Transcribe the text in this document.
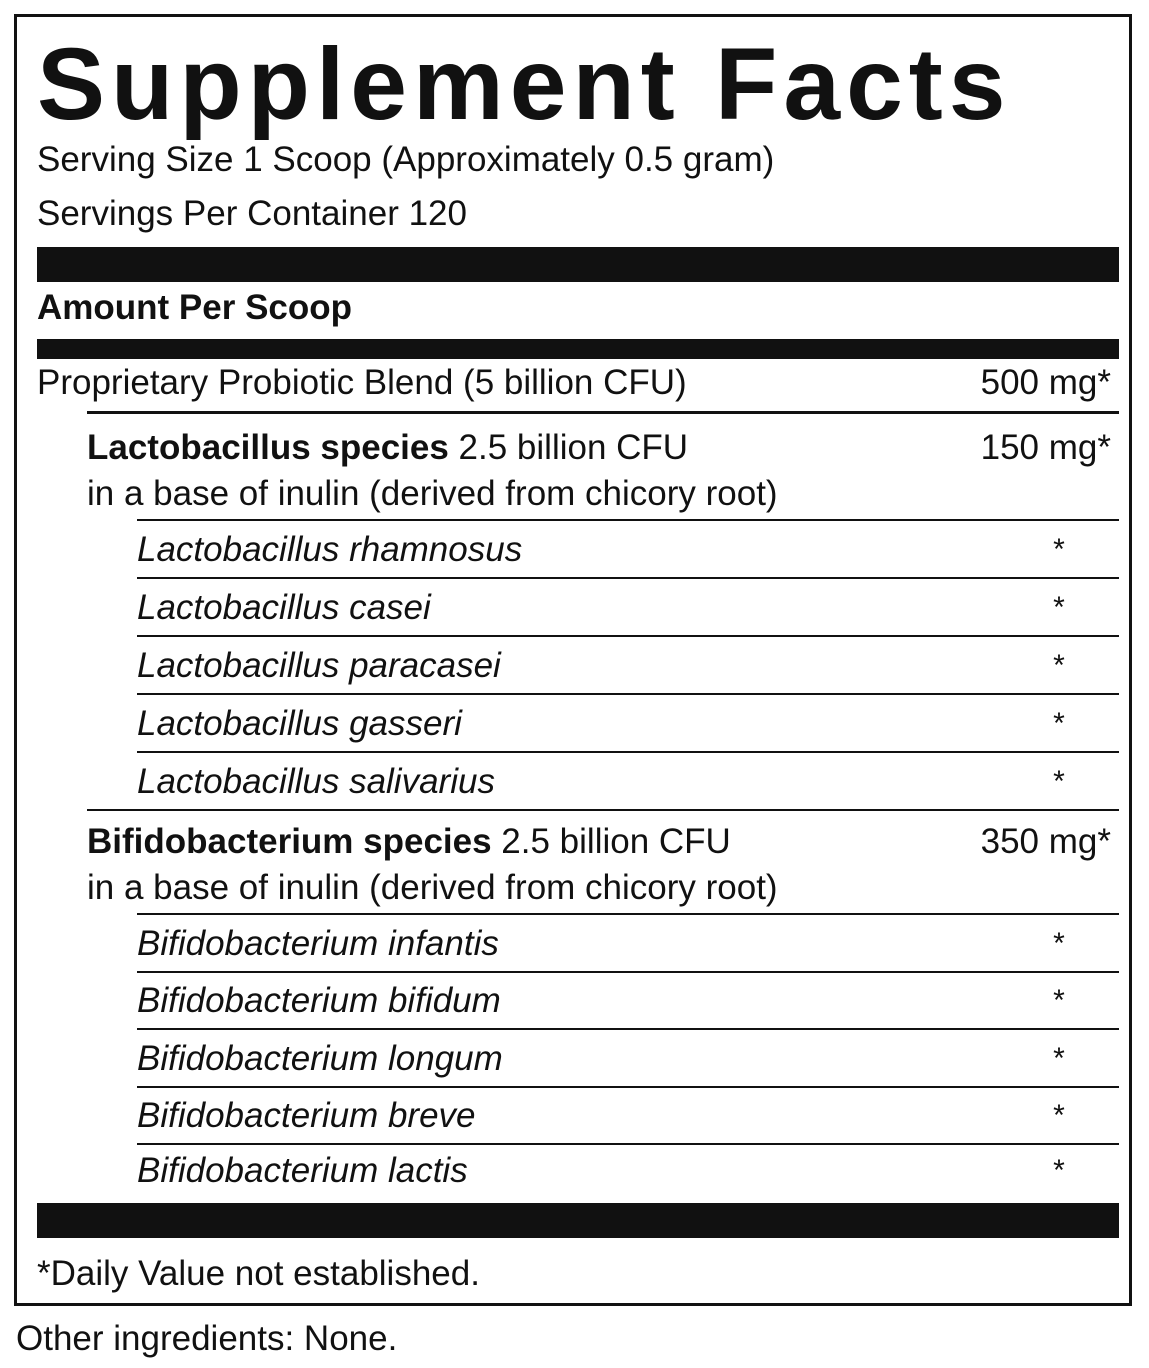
Supplement Facts
Serving Size 1 Scoop (Approximately 0.5 gram)
Servings Per Container 120
Amount Per Scoop
Proprietary Probiotic Blend (5 billion CFU)	500 mg*
Lactobacillus species 2.5 billion CFU	150 mg*
in a base of inulin (derived from chicory root)
Lactobacillus rhamnosus	*
Lactobacillus casei	*
Lactobacillus paracasei	*
Lactobacillus gasseri	*
Lactobacillus salivarius	*
Bifidobacterium species 2.5 billion CFU	350 mg*
in a base of inulin (derived from chicory root)
Bifidobacterium infantis	*
Bifidobacterium bifidum	*
Bifidobacterium longum	*
Bifidobacterium breve	*
Bifidobacterium lactis	*
*Daily Value not established.
Other ingredients: None.
